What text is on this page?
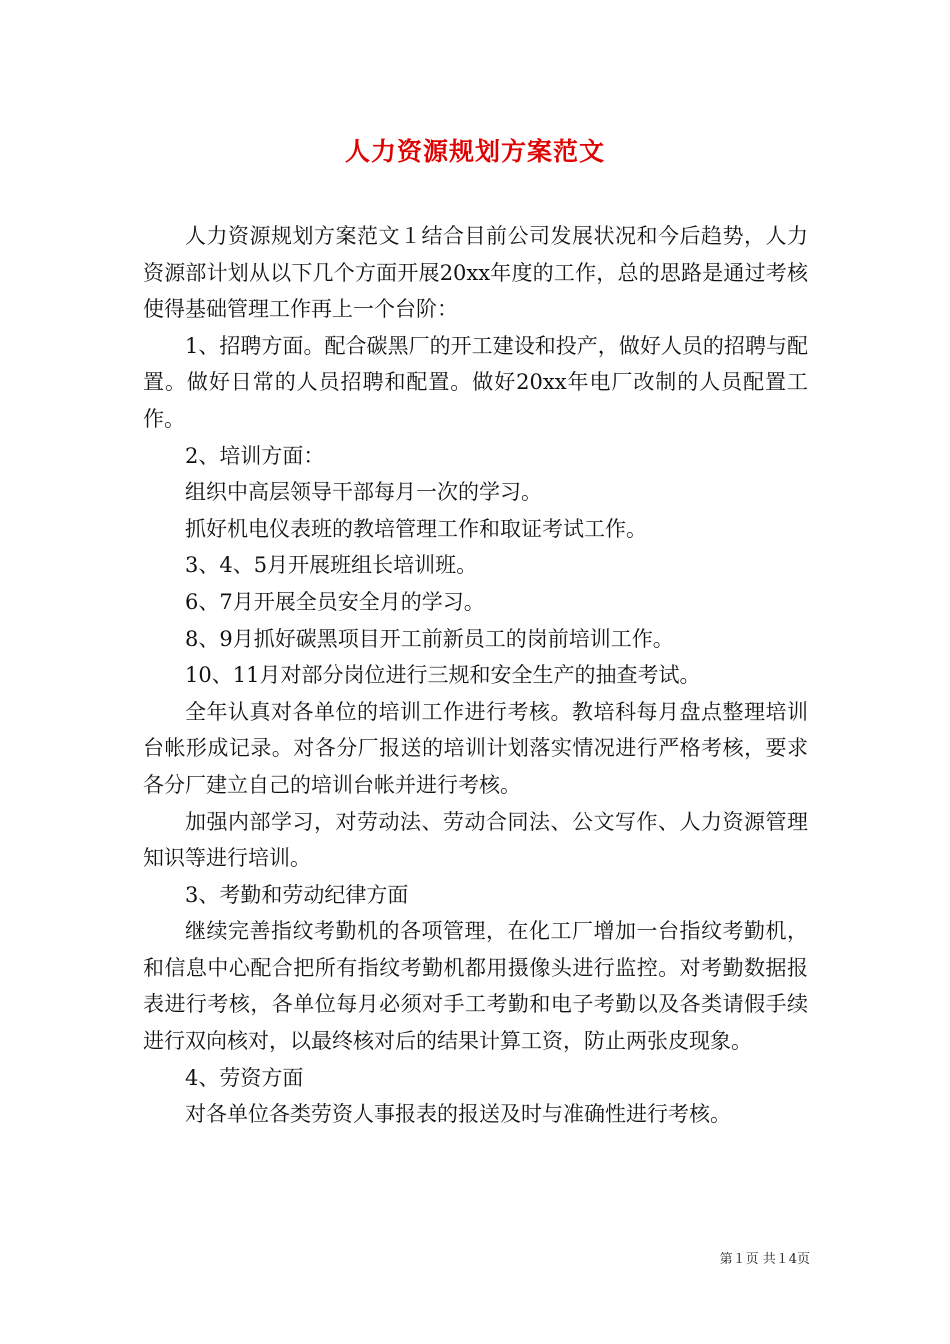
人力资源规划方案范文

人力资源规划方案范文１结合目前公司发展状况和今后趋势，人力资源部计划从以下几个方面开展20xx年度的工作，总的思路是通过考核使得基础管理工作再上一个台阶：

1、招聘方面。配合碳黑厂的开工建设和投产，做好人员的招聘与配置。做好日常的人员招聘和配置。做好20xx年电厂改制的人员配置工作。

2、培训方面：

组织中高层领导干部每月一次的学习。

抓好机电仪表班的教培管理工作和取证考试工作。

3、4、5月开展班组长培训班。

6、7月开展全员安全月的学习。

8、9月抓好碳黑项目开工前新员工的岗前培训工作。

10、11月对部分岗位进行三规和安全生产的抽查考试。

全年认真对各单位的培训工作进行考核。教培科每月盘点整理培训台帐形成记录。对各分厂报送的培训计划落实情况进行严格考核，要求各分厂建立自己的培训台帐并进行考核。

加强内部学习，对劳动法、劳动合同法、公文写作、人力资源管理知识等进行培训。

3、考勤和劳动纪律方面

继续完善指纹考勤机的各项管理，在化工厂增加一台指纹考勤机，和信息中心配合把所有指纹考勤机都用摄像头进行监控。对考勤数据报表进行考核，各单位每月必须对手工考勤和电子考勤以及各类请假手续进行双向核对，以最终核对后的结果计算工资，防止两张皮现象。

4、劳资方面

对各单位各类劳资人事报表的报送及时与准确性进行考核。

第１页 共１4页
